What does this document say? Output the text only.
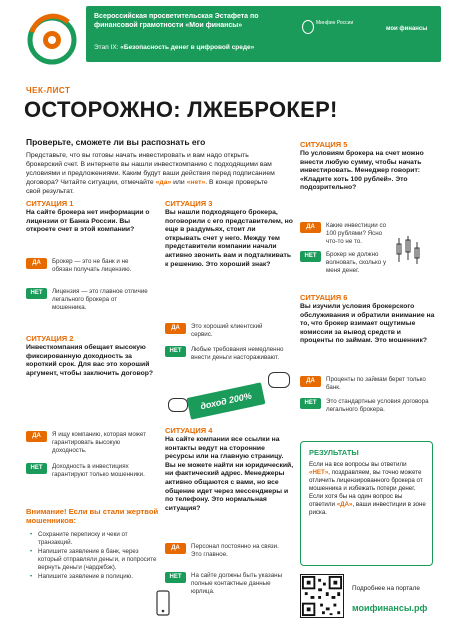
Всероссийская просветительская Эстафета по финансовой грамотности «Мои финансы»	Минфин России
мои финансы
Этап IX: «Безопасность денег в цифровой среде»
ЧЕК-ЛИСТ
ОСТОРОЖНО: ЛЖЕБРОКЕР!
Проверьте, сможете ли вы распознать его
Представьте, что вы готовы начать инвестировать и вам надо открыть брокерский счет. В интернете вы нашли инвесткомпанию с подходящими вам условиями и предложениями. Каким будут ваши действия перед подписанием договора? Читайте ситуации, отмечайте «да» или «нет». В конце проверьте свой результат.
СИТУАЦИЯ 1
На сайте брокера нет информации о лицензии от Банка России. Вы откроете счет в этой компании?
ДА	Брокер — это не банк и не обязан получать лицензию.
НЕТ	Лицензия — это главное отличие легального брокера от мошенника.
СИТУАЦИЯ 2
Инвесткомпания обещает высокую фиксированную доходность за короткий срок. Для вас это хороший аргумент, чтобы заключить договор?
ДА	Я ищу компанию, которая может гарантировать высокую доходность.
НЕТ	Доходность в инвестициях гарантируют только мошенники.
СИТУАЦИЯ 3
Вы нашли подходящего брокера, поговорили с его представителем, но еще в раздумьях, стоит ли открывать счет у него. Между тем представители компании начали активно звонить вам и подталкивать к решению. Это хороший знак?
ДА	Это хороший клиентский сервис.
НЕТ	Любые требования немедленно внести деньги настораживают.
доход 200%
СИТУАЦИЯ 4
На сайте компании все ссылки на контакты ведут на сторонние ресурсы или на главную страницу. Вы не можете найти ни юридический, ни фактический адрес. Менеджеры активно общаются с вами, но все общение идет через мессенджеры и по телефону. Это нормальная ситуация?
ДА	Персонал постоянно на связи. Это главное.
НЕТ	На сайте должны быть указаны полные контактные данные юрлица.
СИТУАЦИЯ 5
По условиям брокера на счет можно внести любую сумму, чтобы начать инвестировать. Менеджер говорит: «Кладите хоть 100 рублей». Это подозрительно?
ДА	Какие инвестиции со 100 рублями? Ясно что-то не то.
НЕТ	Брокер не должно волновать, сколько у меня денег.
СИТУАЦИЯ 6
Вы изучили условия брокерского обслуживания и обратили внимание на то, что брокер взимает ощутимые комиссии за вывод средств и проценты по займам. Это мошенник?
ДА	Проценты по займам берет только банк.
НЕТ	Это стандартные условия договора легального брокера.
Внимание! Если вы стали жертвой мошенников:
• Сохраните переписку и чеки от транзакций.
• Напишите заявление в банк, через который отправляли деньги, и попросите вернуть деньги (чарджбэк).
• Напишите заявление в полицию.
РЕЗУЛЬТАТЫ
Если на все вопросы вы ответили «НЕТ», поздравляем, вы точно можете отличить лицензированного брокера от мошенника и избежать потери денег. Если хотя бы на один вопрос вы ответили «ДА», ваши инвестиции в зоне риска.
Подробнее на портале
моифинансы.рф
